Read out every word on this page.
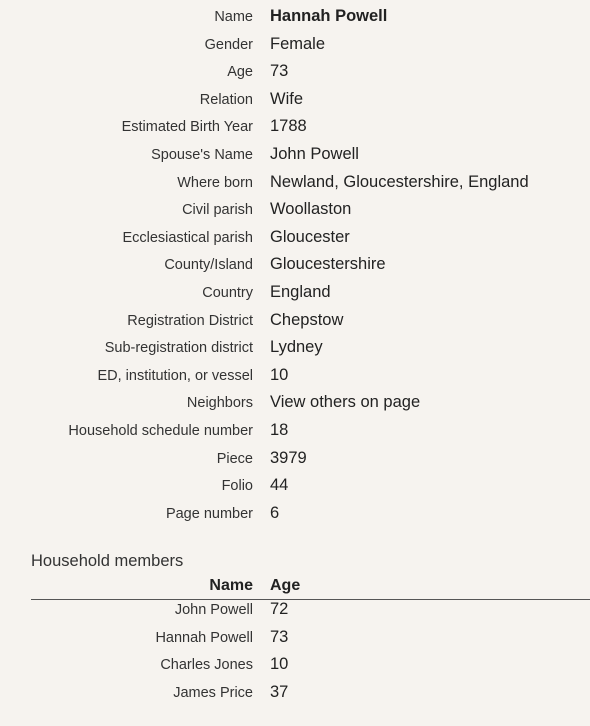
Name Hannah Powell
Gender Female
Age 73
Relation Wife
Estimated Birth Year 1788
Spouse's Name John Powell
Where born Newland, Gloucestershire, England
Civil parish Woollaston
Ecclesiastical parish Gloucester
County/Island Gloucestershire
Country England
Registration District Chepstow
Sub-registration district Lydney
ED, institution, or vessel 10
Neighbors View others on page
Household schedule number 18
Piece 3979
Folio 44
Page number 6
Household members
Name Age
John Powell 72
Hannah Powell 73
Charles Jones 10
James Price 37
